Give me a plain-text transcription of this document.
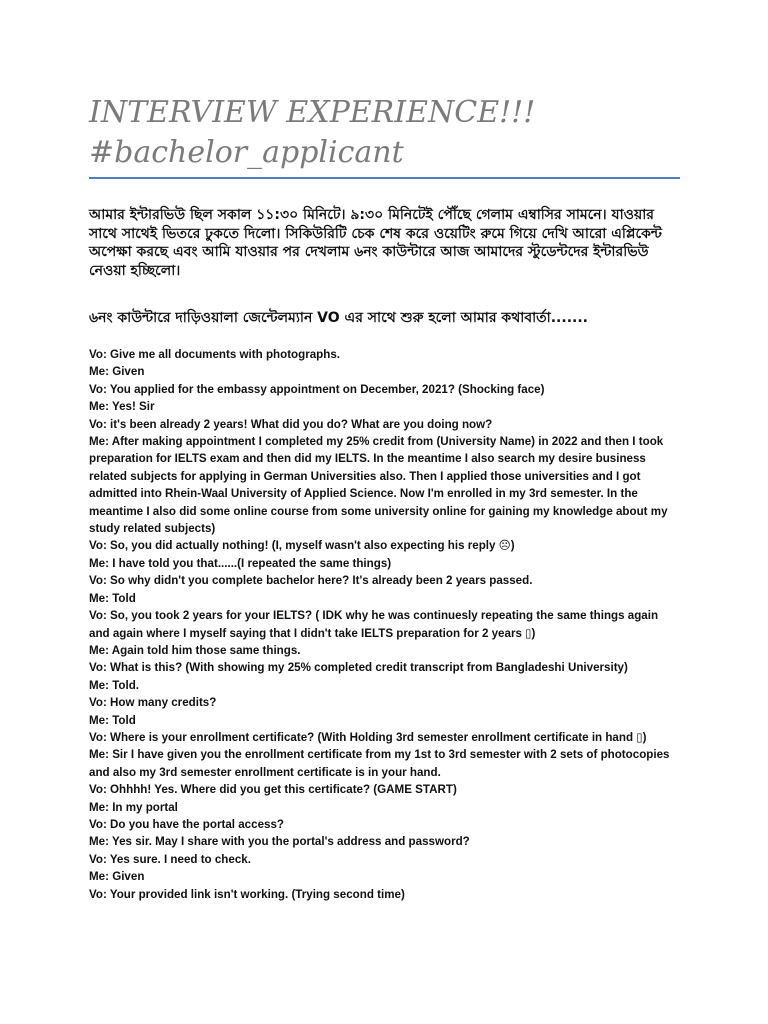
INTERVIEW EXPERIENCE!!!
#bachelor_applicant

আমার ইন্টারভিউ ছিল সকাল ১১:৩০ মিনিটে। ৯:৩০ মিনিটেই পৌঁছে গেলাম এম্বাসির সামনে। যাওয়ার সাথে সাথেই ভিতরে ঢুকতে দিলো। সিকিউরিটি চেক শেষ করে ওয়েটিং রুমে গিয়ে দেখি আরো এপ্লিকেন্ট অপেক্ষা করছে এবং আমি যাওয়ার পর দেখলাম ৬নং কাউন্টারে আজ আমাদের স্টুডেন্টদের ইন্টারভিউ নেওয়া হচ্ছিলো।

৬নং কাউন্টারে দাড়িওয়ালা জেন্টেলম্যান VO এর সাথে শুরু হলো আমার কথাবার্তা.......

Vo: Give me all documents with photographs.
Me: Given
Vo: You applied for the embassy appointment on December, 2021? (Shocking face)
Me: Yes! Sir
Vo: it's been already 2 years! What did you do? What are you doing now?
Me: After making appointment I completed my 25% credit from (University Name) in 2022 and then I took preparation for IELTS exam and then did my IELTS. In the meantime I also search my desire business related subjects for applying in German Universities also. Then I applied those universities and I got admitted into Rhein-Waal University of Applied Science. Now I'm enrolled in my 3rd semester. In the meantime I also did some online course from some university online for gaining my knowledge about my study related subjects)
Vo: So, you did actually nothing! (I, myself wasn't also expecting his reply ☹)
Me: I have told you that......(I repeated the same things)
Vo: So why didn't you complete bachelor here? It's already been 2 years passed.
Me: Told
Vo: So, you took 2 years for your IELTS? ( IDK why he was continuesly repeating the same things again and again where I myself saying that I didn't take IELTS preparation for 2 years ▯)
Me: Again told him those same things.
Vo: What is this? (With showing my 25% completed credit transcript from Bangladeshi University)
Me: Told.
Vo: How many credits?
Me: Told
Vo: Where is your enrollment certificate? (With Holding 3rd semester enrollment certificate in hand ▯)
Me: Sir I have given you the enrollment certificate from my 1st to 3rd semester with 2 sets of photocopies and also my 3rd semester enrollment certificate is in your hand.
Vo: Ohhhh! Yes. Where did you get this certificate? (GAME START)
Me: In my portal
Vo: Do you have the portal access?
Me: Yes sir. May I share with you the portal's address and password?
Vo: Yes sure. I need to check.
Me: Given
Vo: Your provided link isn't working. (Trying second time)
